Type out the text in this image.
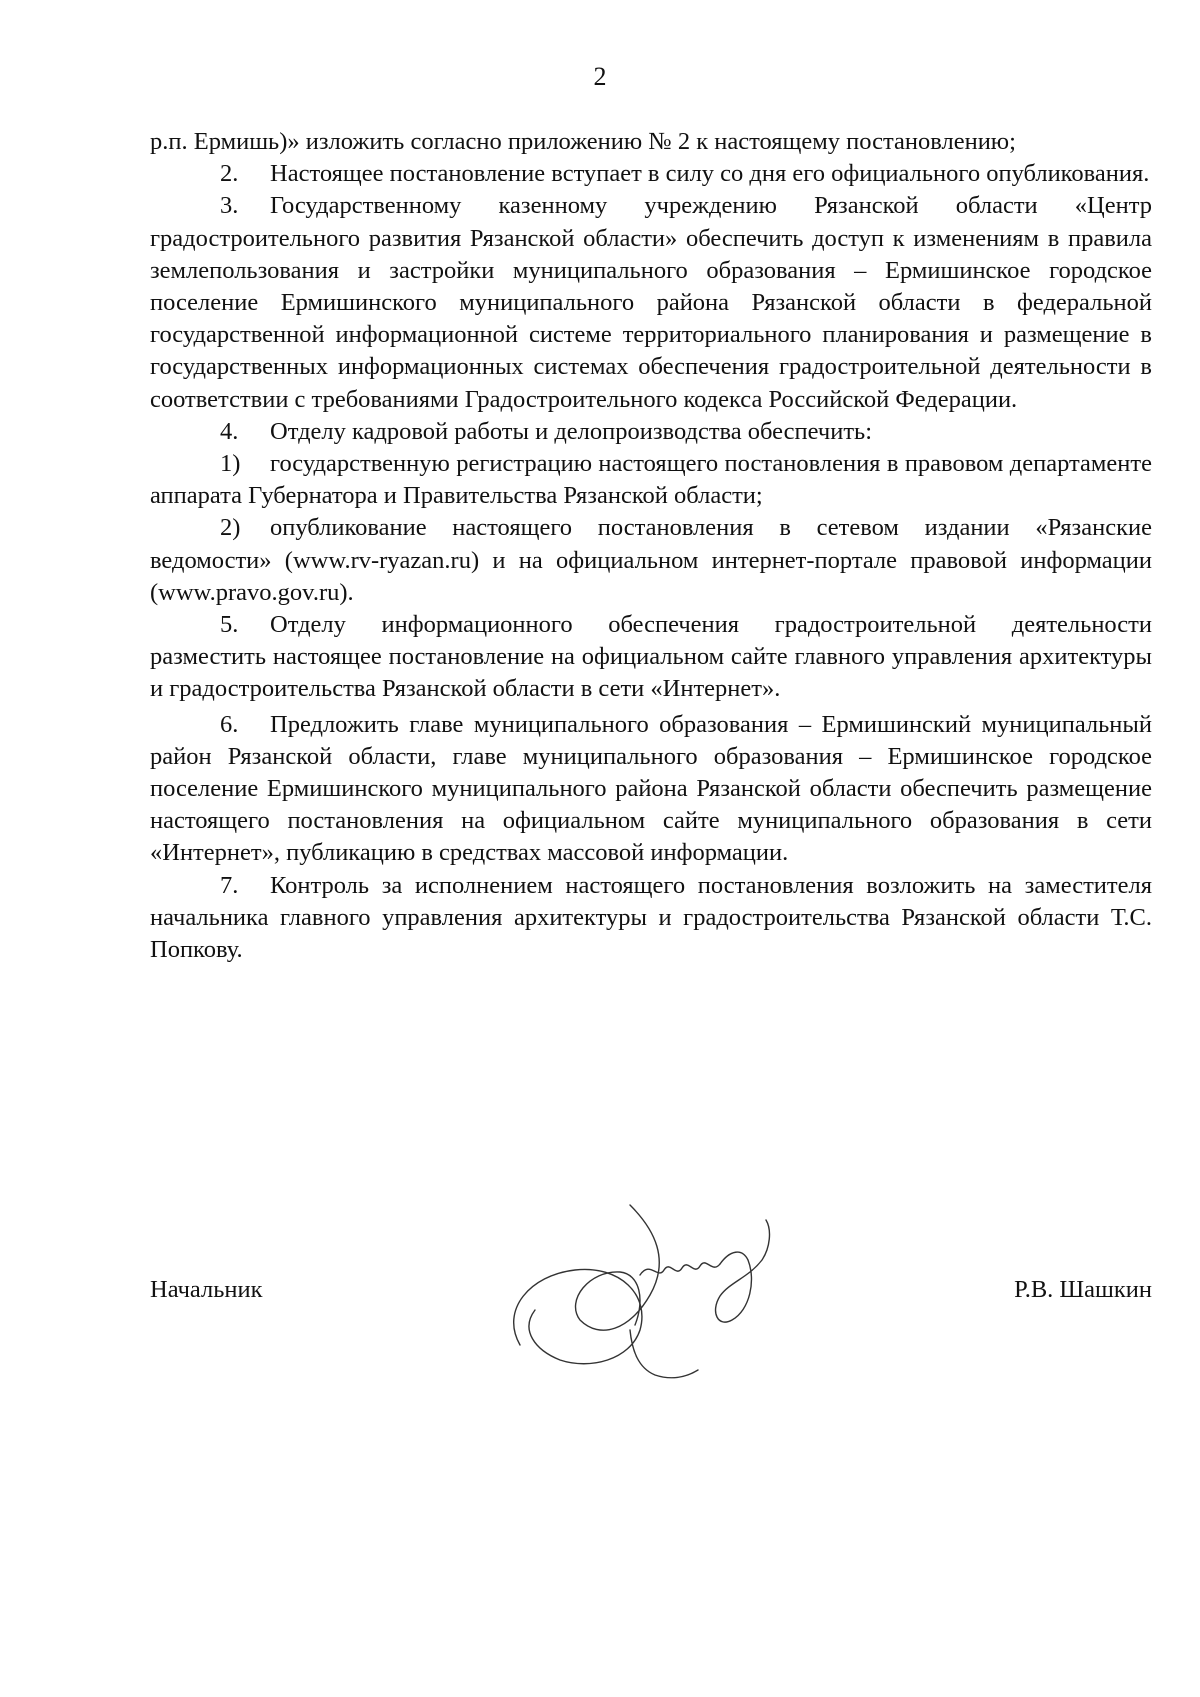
2

р.п. Ермишь)» изложить согласно приложению № 2 к настоящему постановлению;

2. Настоящее постановление вступает в силу со дня его официального опубликования.

3. Государственному казенному учреждению Рязанской области «Центр градостроительного развития Рязанской области» обеспечить доступ к изменениям в правила землепользования и застройки муниципального образования – Ермишинское городское поселение Ермишинского муниципального района Рязанской области в федеральной государственной информационной системе территориального планирования и размещение в государственных информационных системах обеспечения градостроительной деятельности в соответствии с требованиями Градостроительного кодекса Российской Федерации.

4. Отделу кадровой работы и делопроизводства обеспечить:

1) государственную регистрацию настоящего постановления в правовом департаменте аппарата Губернатора и Правительства Рязанской области;

2) опубликование настоящего постановления в сетевом издании «Рязанские ведомости» (www.rv-ryazan.ru) и на официальном интернет-портале правовой информации (www.pravo.gov.ru).

5. Отделу информационного обеспечения градостроительной деятельности разместить настоящее постановление на официальном сайте главного управления архитектуры и градостроительства Рязанской области в сети «Интернет».

6. Предложить главе муниципального образования – Ермишинский муниципальный район Рязанской области, главе муниципального образования – Ермишинское городское поселение Ермишинского муниципального района Рязанской области обеспечить размещение настоящего постановления на официальном сайте муниципального образования в сети «Интернет», публикацию в средствах массовой информации.

7. Контроль за исполнением настоящего постановления возложить на заместителя начальника главного управления архитектуры и градостроительства Рязанской области Т.С. Попкову.

Начальник	Р.В. Шашкин
